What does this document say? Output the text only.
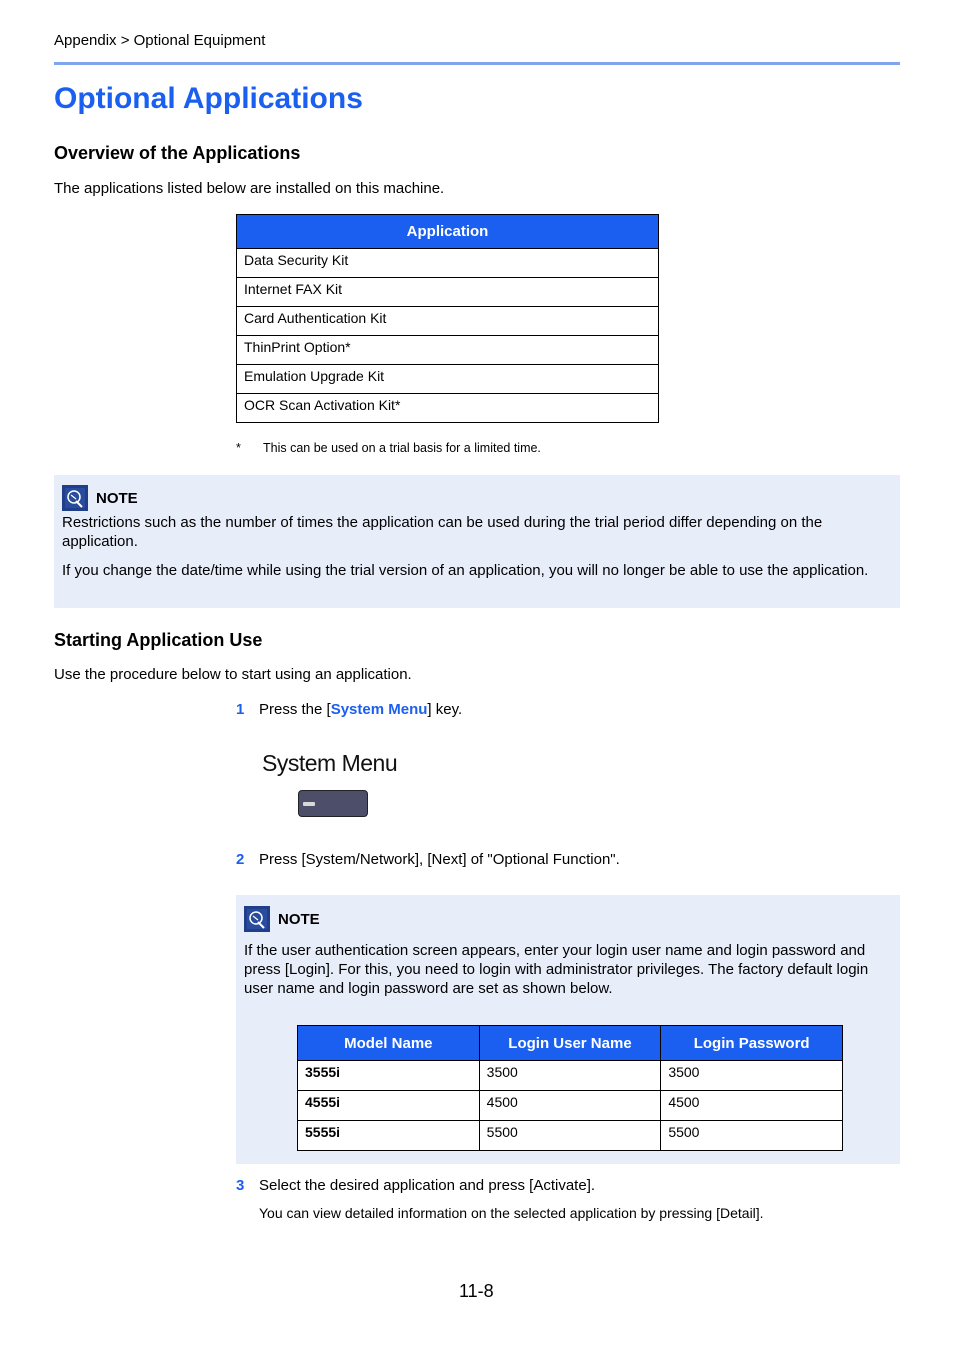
Appendix > Optional Equipment
Optional Applications
Overview of the Applications

The applications listed below are installed on this machine.

Application
Data Security Kit
Internet FAX Kit
Card Authentication Kit
ThinPrint Option*
Emulation Upgrade Kit
OCR Scan Activation Kit*
* This can be used on a trial basis for a limited time.
NOTE

Restrictions such as the number of times the application can be used during the trial period differ depending on the application.

If you change the date/time while using the trial version of an application, you will no longer be able to use the application.

Starting Application Use

Use the procedure below to start using an application.

1 Press the [System Menu] key.
System Menu
2 Press [System/Network], [Next] of "Optional Function".
NOTE

If the user authentication screen appears, enter your login user name and login password and press [Login]. For this, you need to login with administrator privileges. The factory default login user name and login password are set as shown below.

Model Name	Login User Name	Login Password
3555i	3500	3500
4555i	4500	4500
5555i	5500	5500
3 Select the desired application and press [Activate].
You can view detailed information on the selected application by pressing [Detail].
11-8
